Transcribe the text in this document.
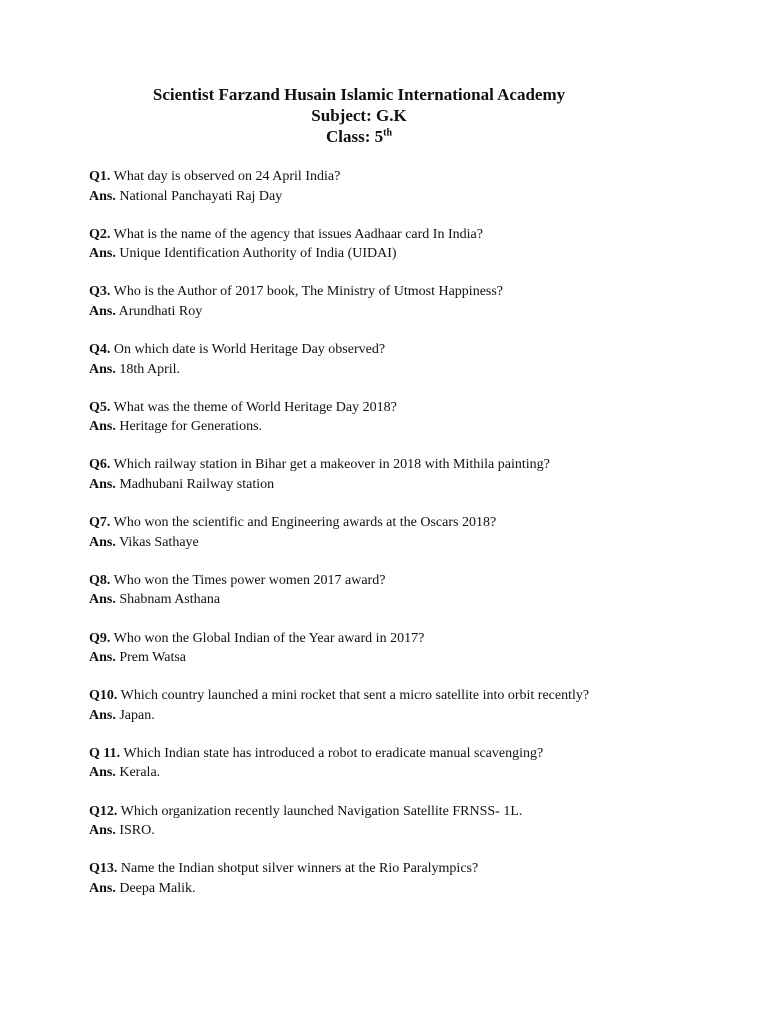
Scientist Farzand Husain Islamic International Academy
Subject: G.K
Class: 5th
Q1. What day is observed on 24 April India?
Ans. National Panchayati Raj Day
Q2. What is the name of the agency that issues Aadhaar card In India?
Ans. Unique Identification Authority of India (UIDAI)
Q3. Who is the Author of 2017 book, The Ministry of Utmost Happiness?
Ans. Arundhati Roy
Q4. On which date is World Heritage Day observed?
Ans. 18th April.
Q5. What was the theme of World Heritage Day 2018?
Ans. Heritage for Generations.
Q6. Which railway station in Bihar get a makeover in 2018 with Mithila painting?
Ans. Madhubani Railway station
Q7. Who won the scientific and Engineering awards at the Oscars 2018?
Ans. Vikas Sathaye
Q8. Who won the Times power women 2017 award?
Ans. Shabnam Asthana
Q9. Who won the Global Indian of the Year award in 2017?
Ans. Prem Watsa
Q10. Which country launched a mini rocket that sent a micro satellite into orbit recently?
Ans. Japan.
Q 11. Which Indian state has introduced a robot to eradicate manual scavenging?
Ans. Kerala.
Q12. Which organization recently launched Navigation Satellite FRNSS- 1L.
Ans. ISRO.
Q13. Name the Indian shotput silver winners at the Rio Paralympics?
Ans. Deepa Malik.
